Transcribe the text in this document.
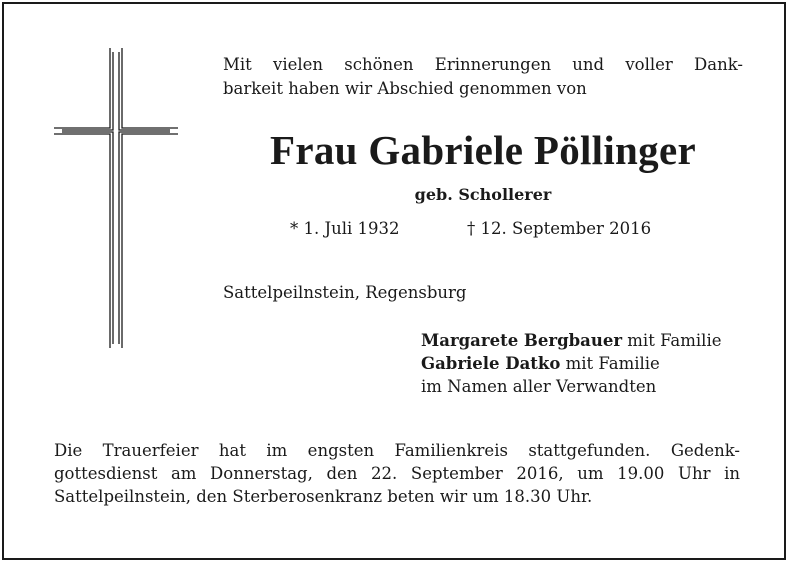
Mit vielen schönen Erinnerungen und voller Dank-
barkeit haben wir Abschied genommen von
Frau Gabriele Pöllinger
geb. Schollerer
* 1. Juli 1932	† 12. September 2016
Sattelpeilnstein, Regensburg
Margarete Bergbauer mit Familie
Gabriele Datko mit Familie
im Namen aller Verwandten
Die Trauerfeier hat im engsten Familienkreis stattgefunden. Gedenk-
gottesdienst am Donnerstag, den 22. September 2016, um 19.00 Uhr in
Sattelpeilnstein, den Sterberosenkranz beten wir um 18.30 Uhr.
